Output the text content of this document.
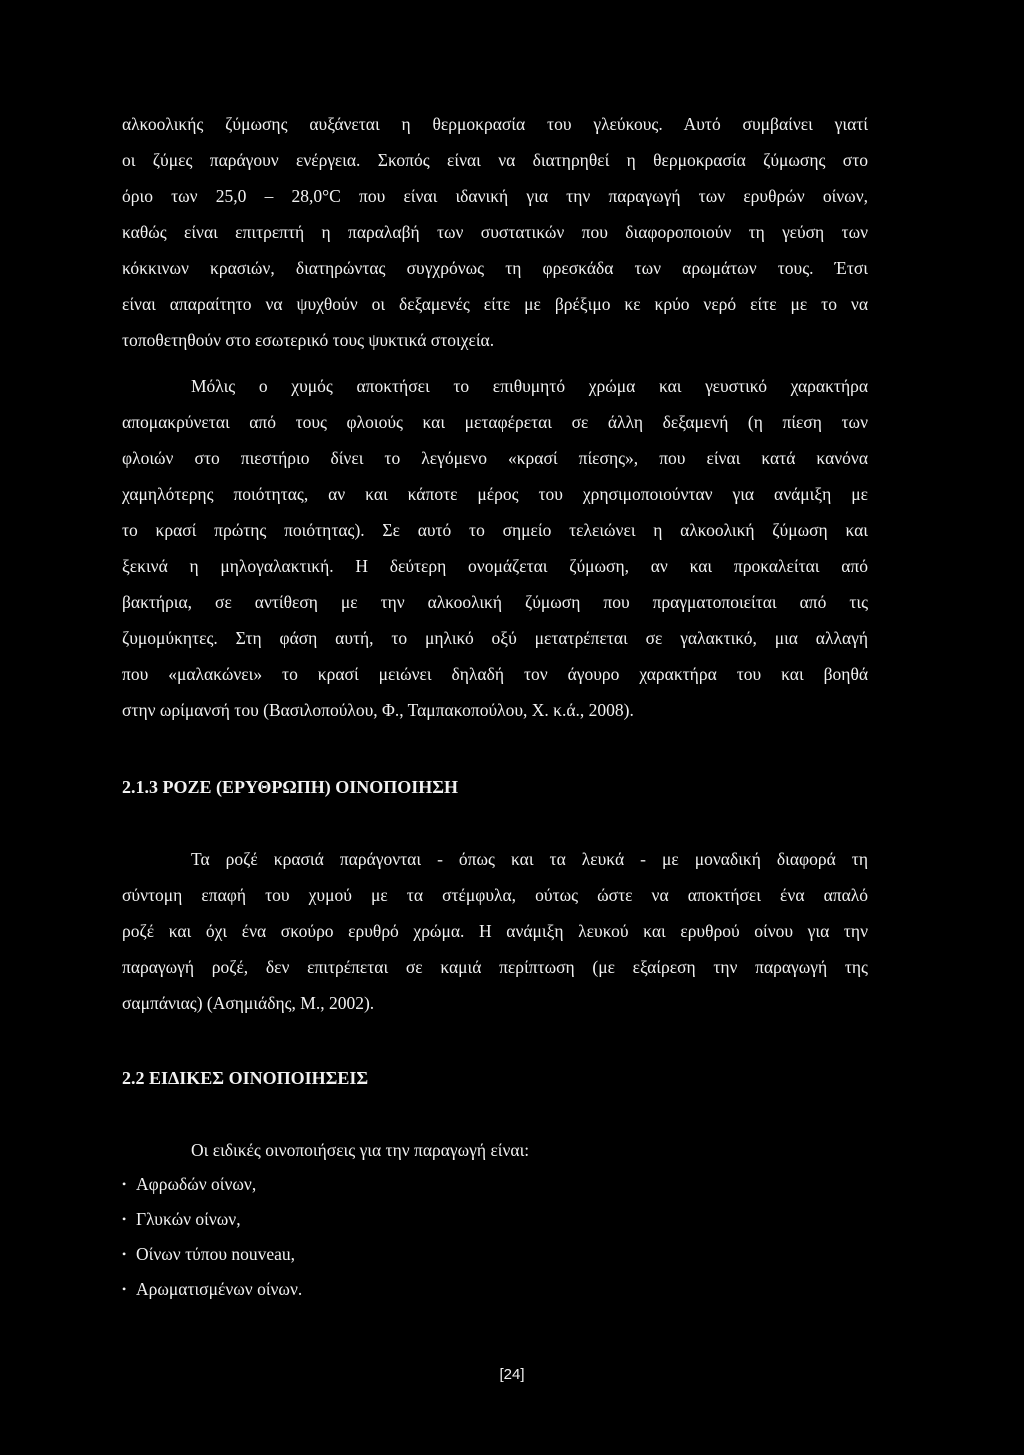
αλκοολικής ζύμωσης αυξάνεται η θερμοκρασία του γλεύκους. Αυτό συμβαίνει γιατί
οι ζύμες παράγουν ενέργεια. Σκοπός είναι να διατηρηθεί η θερμοκρασία ζύμωσης στο
όριο των 25,0 – 28,0°C που είναι ιδανική για την παραγωγή των ερυθρών οίνων,
καθώς είναι επιτρεπτή η παραλαβή των συστατικών που διαφοροποιούν τη γεύση των
κόκκινων κρασιών, διατηρώντας συγχρόνως τη φρεσκάδα των αρωμάτων τους. Έτσι
είναι απαραίτητο να ψυχθούν οι δεξαμενές είτε με βρέξιμο κε κρύο νερό είτε με το να
τοποθετηθούν στο εσωτερικό τους ψυκτικά στοιχεία.
Μόλις ο χυμός αποκτήσει το επιθυμητό χρώμα και γευστικό χαρακτήρα
απομακρύνεται από τους φλοιούς και μεταφέρεται σε άλλη δεξαμενή (η πίεση των
φλοιών στο πιεστήριο δίνει το λεγόμενο «κρασί πίεσης», που είναι κατά κανόνα
χαμηλότερης ποιότητας, αν και κάποτε μέρος του χρησιμοποιούνταν για ανάμιξη με
το κρασί πρώτης ποιότητας). Σε αυτό το σημείο τελειώνει η αλκοολική ζύμωση και
ξεκινά η μηλογαλακτική. Η δεύτερη ονομάζεται ζύμωση, αν και προκαλείται από
βακτήρια, σε αντίθεση με την αλκοολική ζύμωση που πραγματοποιείται από τις
ζυμομύκητες. Στη φάση αυτή, το μηλικό οξύ μετατρέπεται σε γαλακτικό, μια αλλαγή
που «μαλακώνει» το κρασί μειώνει δηλαδή τον άγουρο χαρακτήρα του και βοηθά
στην ωρίμανσή του (Βασιλοπούλου, Φ., Ταμπακοπούλου, Χ. κ.ά., 2008).
2.1.3 ΡΟΖΕ (ΕΡΥΘΡΩΠΗ) ΟΙΝΟΠΟΙΗΣΗ
Τα ροζέ κρασιά παράγονται - όπως και τα λευκά - με μοναδική διαφορά τη
σύντομη επαφή του χυμού με τα στέμφυλα, ούτως ώστε να αποκτήσει ένα απαλό
ροζέ και όχι ένα σκούρο ερυθρό χρώμα. Η ανάμιξη λευκού και ερυθρού οίνου για την
παραγωγή ροζέ, δεν επιτρέπεται σε καμιά περίπτωση (με εξαίρεση την παραγωγή της
σαμπάνιας) (Ασημιάδης, Μ., 2002).
2.2 ΕΙΔΙΚΕΣ ΟΙΝΟΠΟΙΗΣΕΙΣ
Οι ειδικές οινοποιήσεις για την παραγωγή είναι:
• Αφρωδών οίνων,
• Γλυκών οίνων,
• Οίνων τύπου nouveau,
• Αρωματισμένων οίνων.
[24]
